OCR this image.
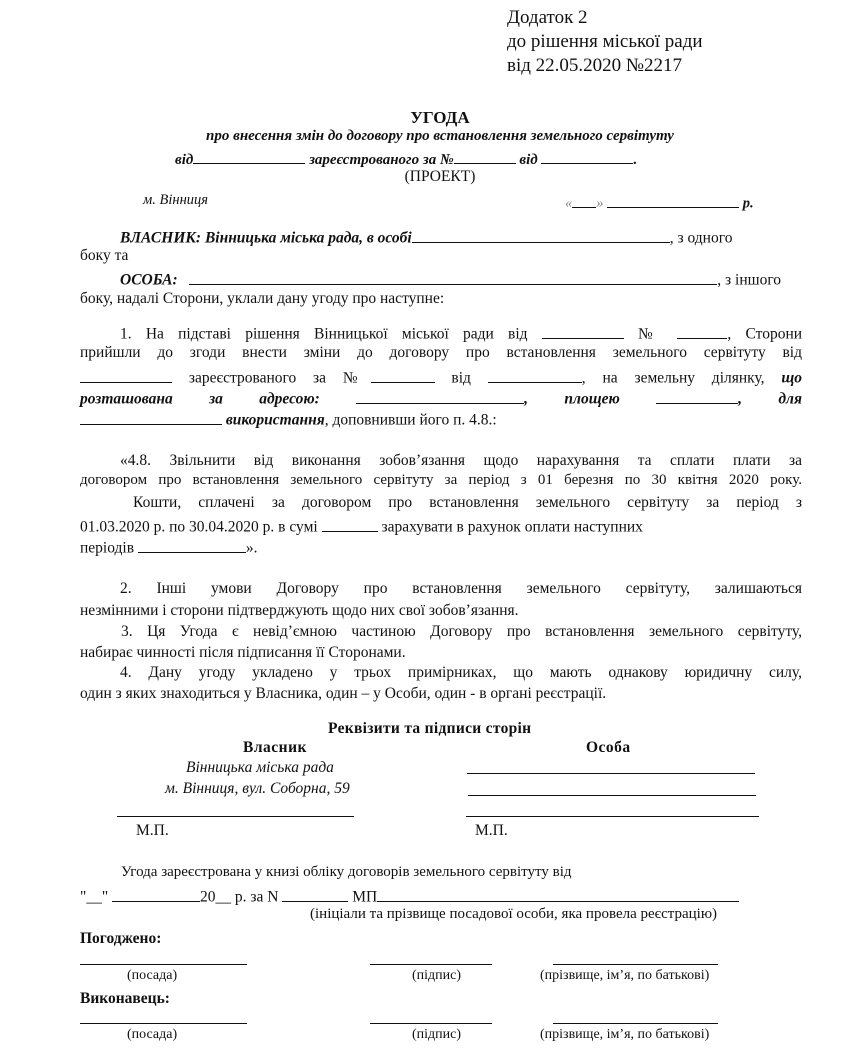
Додаток 2
до рішення міської ради
від 22.05.2020 №2217
УГОДА
про внесення змін до договору про встановлення земельного сервітуту
від	зареєстрованого за №	від	.
(ПРОЕКТ)
м. Вінниця	« »	р.
ВЛАСНИК: Вінницька міська рада, в особі	, з одного
боку та
ОСОБА:	, з іншого
боку, надалі Сторони, уклали дану угоду про наступне:
1. На підставі рішення Вінницької міської ради від	№	, Сторони
прийшли до згоди внести зміни до договору про встановлення земельного сервітуту від
зареєстрованого за №	від	, на земельну ділянку, що
розташована за адресою:	, площею	, для
використання, доповнивши його п. 4.8.:
«4.8. Звільнити від виконання зобов’язання щодо нарахування та сплати плати за
договором про встановлення земельного сервітуту за період з 01 березня по 30 квітня 2020 року.
Кошти, сплачені за договором про встановлення земельного сервітуту за період з
01.03.2020 р. по 30.04.2020 р. в сумі	зарахувати в рахунок оплати наступних
періодів	».
2. Інші умови Договору про встановлення земельного сервітуту, залишаються
незмінними і сторони підтверджують щодо них свої зобов’язання.
3. Ця Угода є невід’ємною частиною Договору про встановлення земельного сервітуту,
набирає чинності після підписання її Сторонами.
4. Дану угоду укладено у трьох примірниках, що мають однакову юридичну силу,
один з яких знаходиться у Власника, один – у Особи, один - в органі реєстрації.
Реквізити та підписи сторін
Власник	Особа
Вінницька міська рада
м. Вінниця, вул. Соборна, 59
М.П.	М.П.
Угода зареєстрована у книзі обліку договорів земельного сервітуту від
"__"	20__ р. за N	МП
(ініціали та прізвище посадової особи, яка провела реєстрацію)
Погоджено:
(посада)	(підпис)	(прізвище, ім’я, по батькові)
Виконавець:
(посада)	(підпис)	(прізвище, ім’я, по батькові)
